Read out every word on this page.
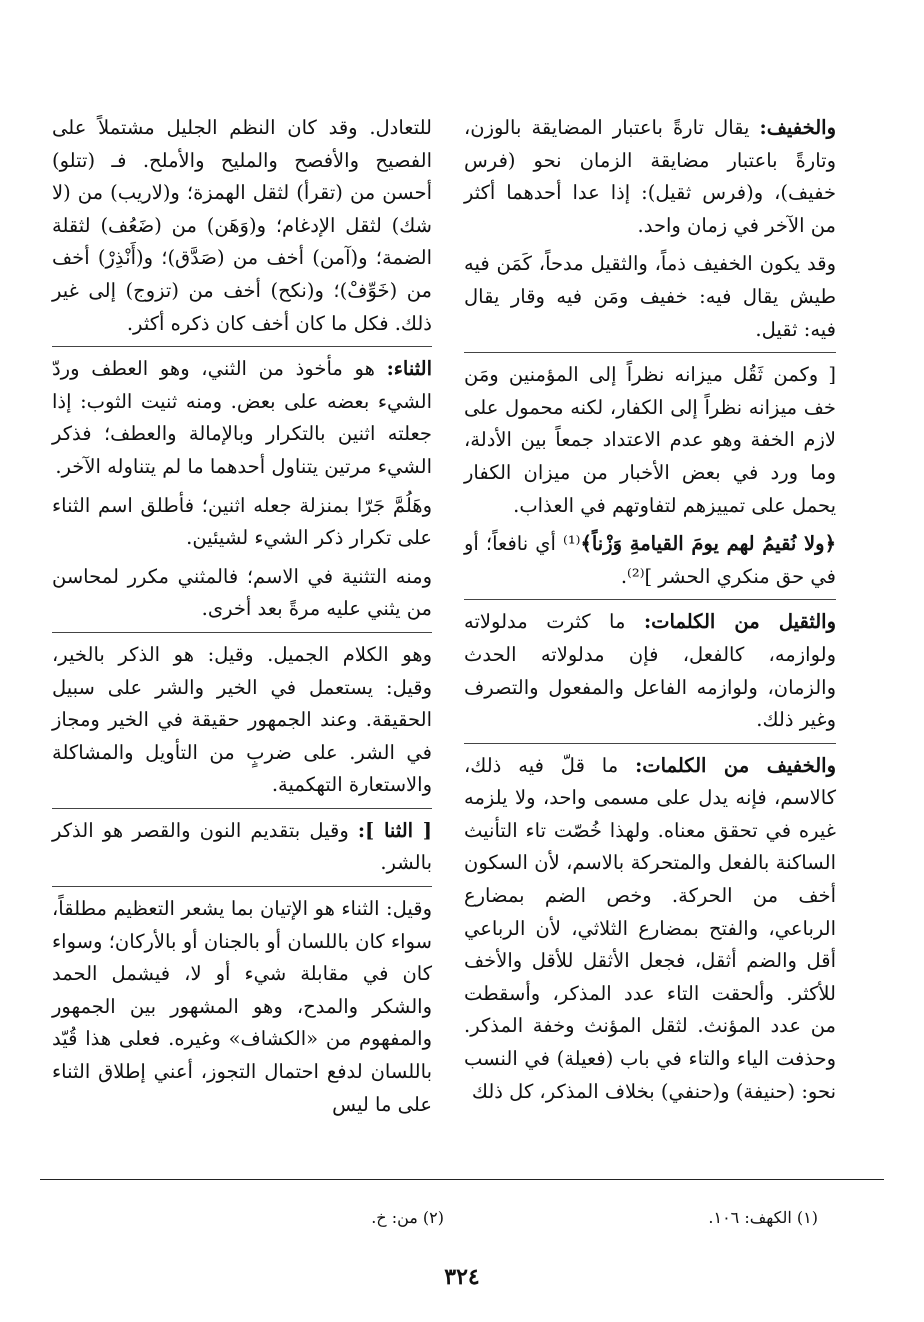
والخفيف: يقال تارةً باعتبار المضايقة بالوزن، وتارةً باعتبار مضايقة الزمان نحو (فرس خفيف)، و(فرس ثقيل): إذا عدا أحدهما أكثر من الآخر في زمان واحد.

وقد يكون الخفيف ذماً، والثقيل مدحاً، كَمَن فيه طيش يقال فيه: خفيف ومَن فيه وقار يقال فيه: ثقيل.

[ وكمن ثَقُل ميزانه نظراً إلى المؤمنين ومَن خف ميزانه نظراً إلى الكفار، لكنه محمول على لازم الخفة وهو عدم الاعتداد جمعاً بين الأدلة، وما ورد في بعض الأخبار من ميزان الكفار يحمل على تمييزهم لتفاوتهم في العذاب.

﴿ولا نُقيمُ لهم يومَ القيامةِ وَزْناً﴾⁽¹⁾ أي نافعاً؛ أو في حق منكري الحشر ]⁽²⁾.

والثقيل من الكلمات: ما كثرت مدلولاته ولوازمه، كالفعل، فإن مدلولاته الحدث والزمان، ولوازمه الفاعل والمفعول والتصرف وغير ذلك.

والخفيف من الكلمات: ما قلّ فيه ذلك، كالاسم، فإنه يدل على مسمى واحد، ولا يلزمه غيره في تحقق معناه. ولهذا خُصّت تاء التأنيث الساكنة بالفعل والمتحركة بالاسم، لأن السكون أخف من الحركة. وخص الضم بمضارع الرباعي، والفتح بمضارع الثلاثي، لأن الرباعي أقل والضم أثقل، فجعل الأثقل للأقل والأخف للأكثر. وألحقت التاء عدد المذكر، وأسقطت من عدد المؤنث. لثقل المؤنث وخفة المذكر. وحذفت الياء والتاء في باب (فعيلة) في النسب نحو: (حنيفة) و(حنفي) بخلاف المذكر، كل ذلك

للتعادل. وقد كان النظم الجليل مشتملاً على الفصيح والأفصح والمليح والأملح. فـ (تتلو) أحسن من (تقرأ) لثقل الهمزة؛ و(لاريب) من (لا شك) لثقل الإدغام؛ و(وَهَن) من (ضَعُف) لثقلة الضمة؛ و(آمن) أخف من (صَدَّق)؛ و(أَنْذِرْ) أخف من (خَوِّفْ)؛ و(نكح) أخف من (تزوج) إلى غير ذلك. فكل ما كان أخف كان ذكره أكثر.

الثناء: هو مأخوذ من الثني، وهو العطف وردّ الشيء بعضه على بعض. ومنه ثنيت الثوب: إذا جعلته اثنين بالتكرار وبالإمالة والعطف؛ فذكر الشيء مرتين يتناول أحدهما ما لم يتناوله الآخر.

وهَلُمَّ جَرّا بمنزلة جعله اثنين؛ فأطلق اسم الثناء على تكرار ذكر الشيء لشيئين.

ومنه التثنية في الاسم؛ فالمثني مكرر لمحاسن من يثني عليه مرةً بعد أخرى.

وهو الكلام الجميل. وقيل: هو الذكر بالخير، وقيل: يستعمل في الخير والشر على سبيل الحقيقة. وعند الجمهور حقيقة في الخير ومجاز في الشر. على ضربٍ من التأويل والمشاكلة والاستعارة التهكمية.

[ الثنا ]: وقيل بتقديم النون والقصر هو الذكر بالشر.

وقيل: الثناء هو الإتيان بما يشعر التعظيم مطلقاً، سواء كان باللسان أو بالجنان أو بالأركان؛ وسواء كان في مقابلة شيء أو لا، فيشمل الحمد والشكر والمدح، وهو المشهور بين الجمهور والمفهوم من «الكشاف» وغيره. فعلى هذا قُيّد باللسان لدفع احتمال التجوز، أعني إطلاق الثناء على ما ليس

(١) الكهف: ١٠٦.
(٢) من: خ.
٣٢٤
